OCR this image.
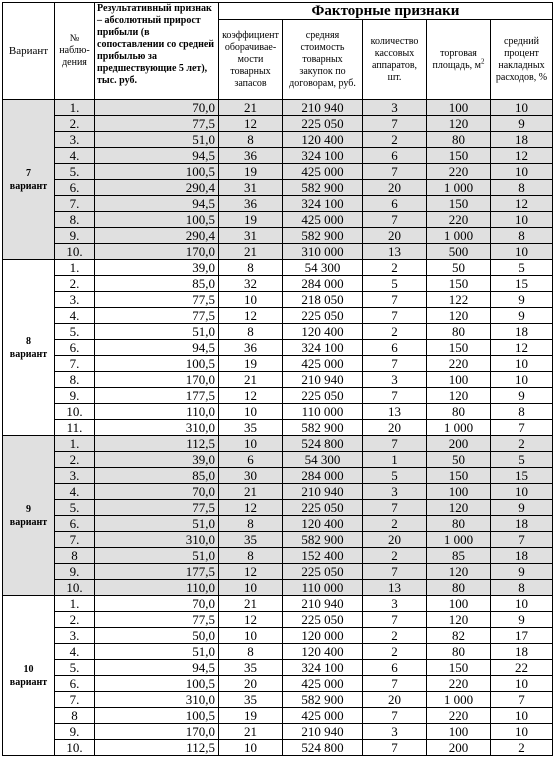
Вариант	№ наблю-дения	Результативный признак – абсолютный прирост прибыли (в сопоставлении со средней прибылью за предшествующие 5 лет), тыс. руб.	Факторные признаки				
			коэффициент оборачивае-мости товарных запасов	средняя стоимость товарных закупок по договорам, руб.	количество кассовых аппаратов, шт.	торговая площадь, $м^2$	средний процент накладных расходов, %

7
вариант	1.	70,0	21	210 940	3	100	10
	2.	77,5	12	225 050	7	120	9
	3.	51,0	8	120 400	2	80	18
	4.	94,5	36	324 100	6	150	12
	5.	100,5	19	425 000	7	220	10
	6.	290,4	31	582 900	20	1 000	8
	7.	94,5	36	324 100	6	150	12
	8.	100,5	19	425 000	7	220	10
	9.	290,4	31	582 900	20	1 000	8
	10.	170,0	21	310 000	13	500	10

8
вариант	1.	39,0	8	54 300	2	50	5
	2.	85,0	32	284 000	5	150	15
	3.	77,5	10	218 050	7	122	9
	4.	77,5	12	225 050	7	120	9
	5.	51,0	8	120 400	2	80	18
	6.	94,5	36	324 100	6	150	12
	7.	100,5	19	425 000	7	220	10
	8.	170,0	21	210 940	3	100	10
	9.	177,5	12	225 050	7	120	9
	10.	110,0	10	110 000	13	80	8
	11.	310,0	35	582 900	20	1 000	7

9
вариант	1.	112,5	10	524 800	7	200	2
	2.	39,0	6	54 300	1	50	5
	3.	85,0	30	284 000	5	150	15
	4.	70,0	21	210 940	3	100	10
	5.	77,5	12	225 050	7	120	9
	6.	51,0	8	120 400	2	80	18
	7.	310,0	35	582 900	20	1 000	7
	8	51,0	8	152 400	2	85	18
	9.	177,5	12	225 050	7	120	9
	10.	110,0	10	110 000	13	80	8

10
вариант	1.	70,0	21	210 940	3	100	10
	2.	77,5	12	225 050	7	120	9
	3.	50,0	10	120 000	2	82	17
	4.	51,0	8	120 400	2	80	18
	5.	94,5	35	324 100	6	150	22
	6.	100,5	20	425 000	7	220	10
	7.	310,0	35	582 900	20	1 000	7
	8	100,5	19	425 000	7	220	10
	9.	170,0	21	210 940	3	100	10
	10.	112,5	10	524 800	7	200	2
